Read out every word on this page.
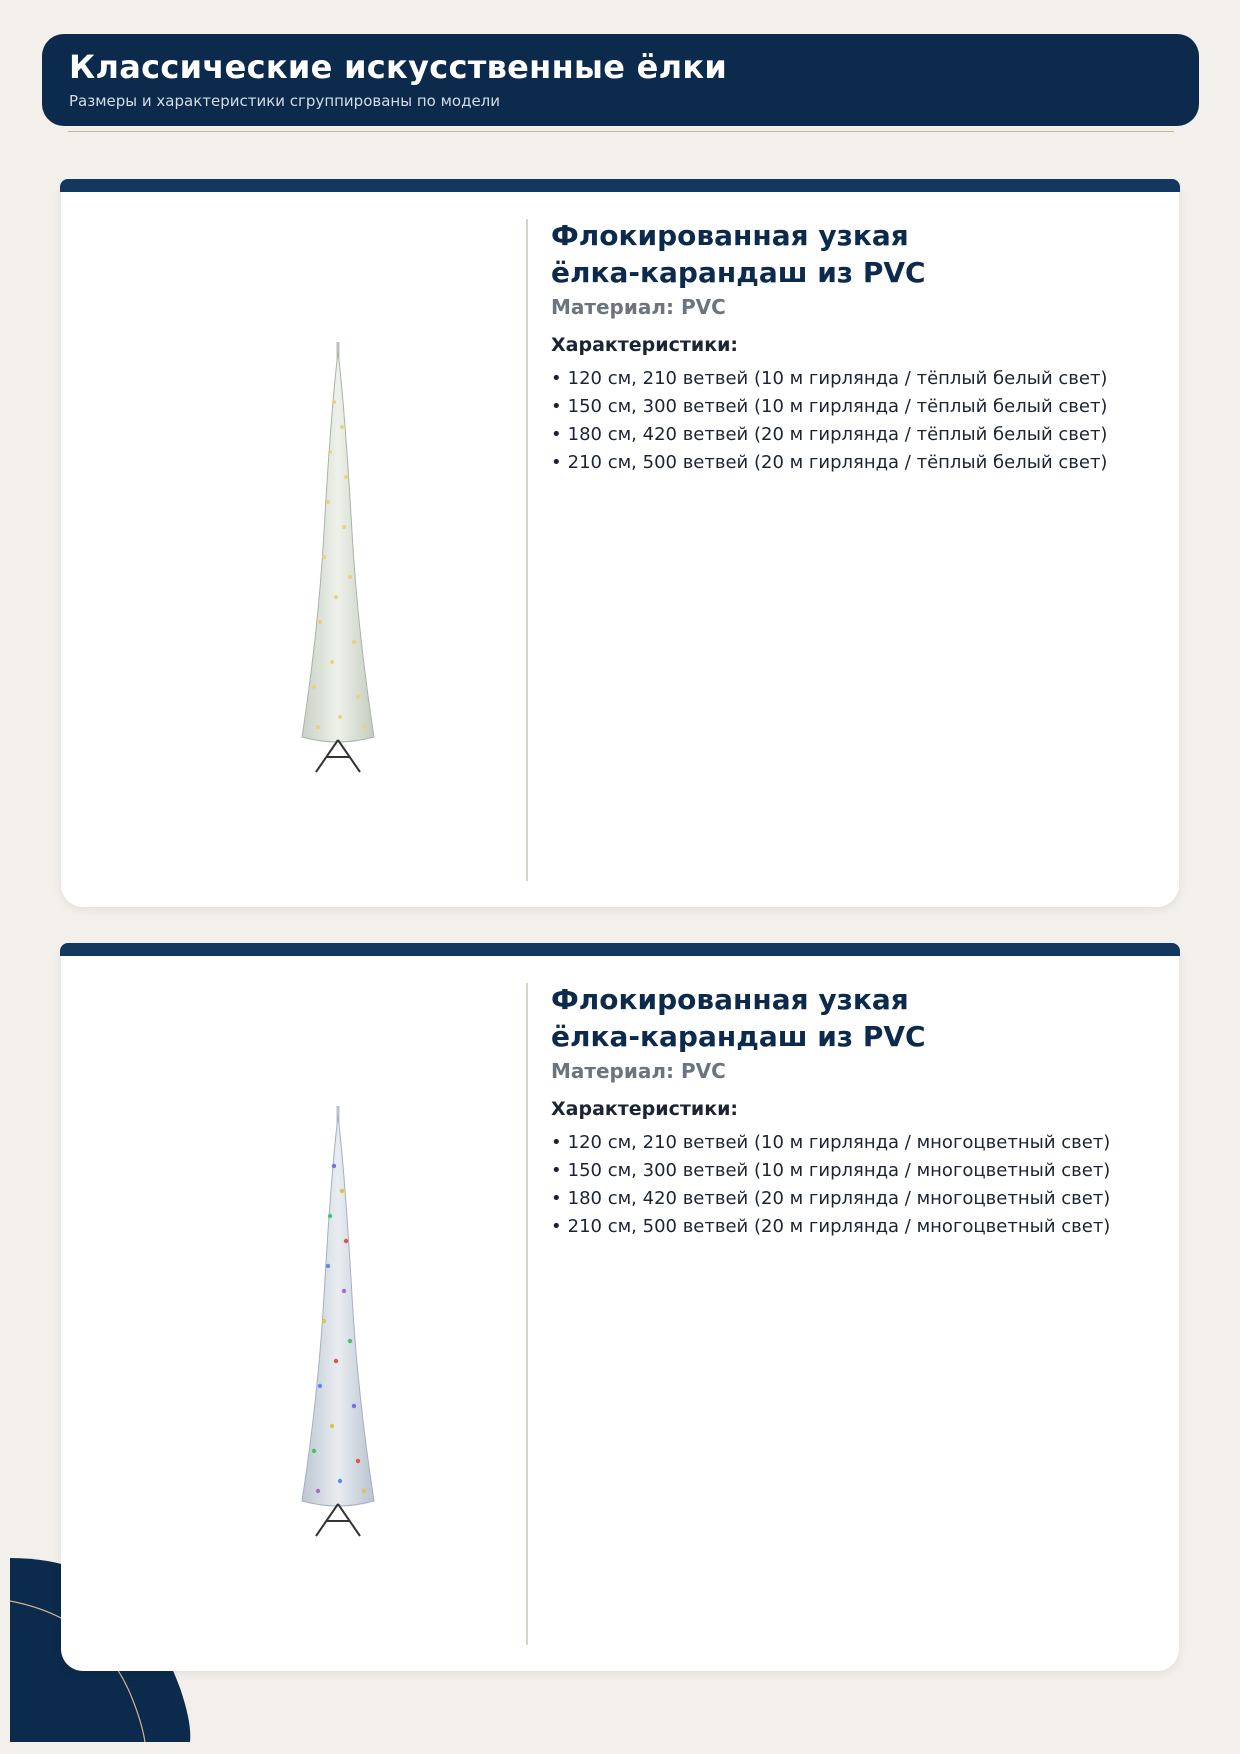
Классические искусственные ёлки
Размеры и характеристики сгруппированы по модели
Флокированная узкая
ёлка-карандаш из PVC
Материал: PVC
Характеристики:
• 120 см, 210 ветвей (10 м гирлянда / тёплый белый свет)
• 150 см, 300 ветвей (10 м гирлянда / тёплый белый свет)
• 180 см, 420 ветвей (20 м гирлянда / тёплый белый свет)
• 210 см, 500 ветвей (20 м гирлянда / тёплый белый свет)
Флокированная узкая
ёлка-карандаш из PVC
Материал: PVC
Характеристики:
• 120 см, 210 ветвей (10 м гирлянда / многоцветный свет)
• 150 см, 300 ветвей (10 м гирлянда / многоцветный свет)
• 180 см, 420 ветвей (20 м гирлянда / многоцветный свет)
• 210 см, 500 ветвей (20 м гирлянда / многоцветный свет)
